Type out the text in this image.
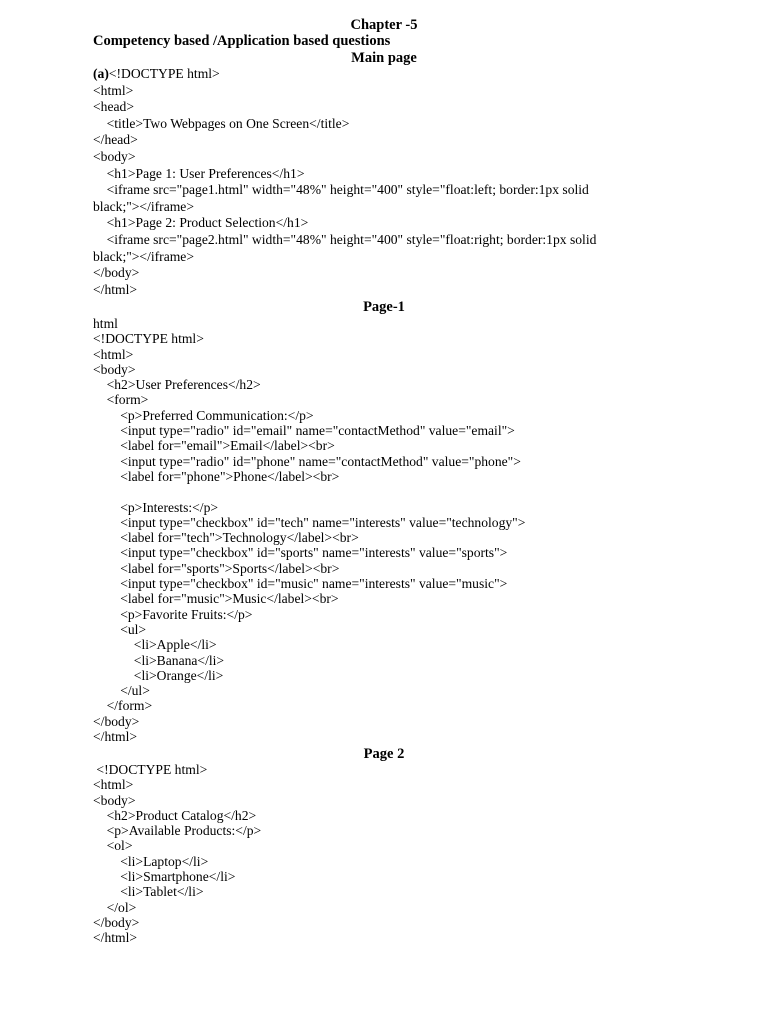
Chapter -5
Competency based /Application based questions
Main page
(a)<!DOCTYPE html>
<html>
<head>
<title>Two Webpages on One Screen</title>
</head>
<body>
<h1>Page 1: User Preferences</h1>
<iframe src="page1.html" width="48%" height="400" style="float:left; border:1px solid
black;"></iframe>
<h1>Page 2: Product Selection</h1>
<iframe src="page2.html" width="48%" height="400" style="float:right; border:1px solid
black;"></iframe>
</body>
</html>
Page-1
html
<!DOCTYPE html>
<html>
<body>
<h2>User Preferences</h2>
<form>
<p>Preferred Communication:</p>
<input type="radio" id="email" name="contactMethod" value="email">
<label for="email">Email</label><br>
<input type="radio" id="phone" name="contactMethod" value="phone">
<label for="phone">Phone</label><br>

<p>Interests:</p>
<input type="checkbox" id="tech" name="interests" value="technology">
<label for="tech">Technology</label><br>
<input type="checkbox" id="sports" name="interests" value="sports">
<label for="sports">Sports</label><br>
<input type="checkbox" id="music" name="interests" value="music">
<label for="music">Music</label><br>
<p>Favorite Fruits:</p>
<ul>
<li>Apple</li>
<li>Banana</li>
<li>Orange</li>
</ul>
</form>
</body>
</html>
Page 2
<!DOCTYPE html>
<html>
<body>
<h2>Product Catalog</h2>
<p>Available Products:</p>
<ol>
<li>Laptop</li>
<li>Smartphone</li>
<li>Tablet</li>
</ol>
</body>
</html>
